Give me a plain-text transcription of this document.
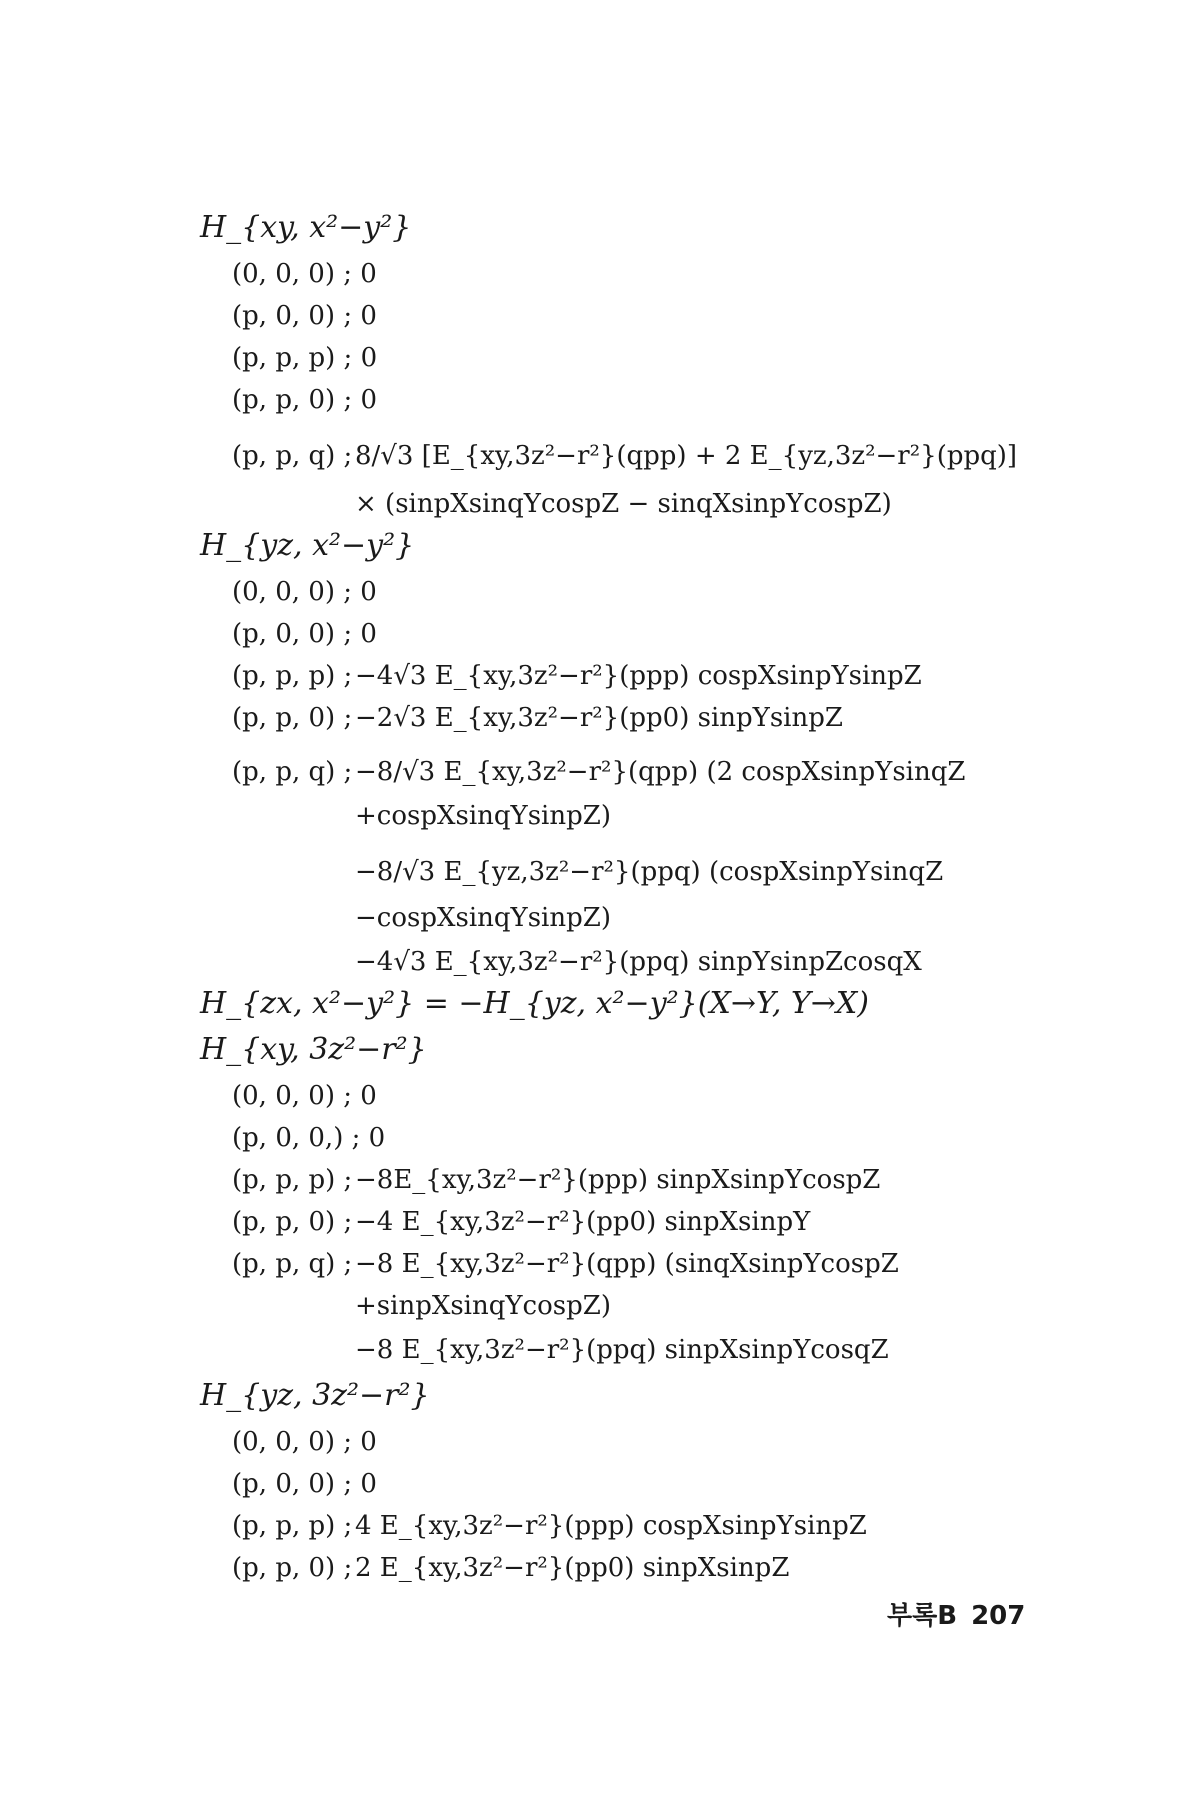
H_{xy, x²−y²}
(0, 0, 0) ; 0
(p, 0, 0) ; 0
(p, p, p) ; 0
(p, p, 0) ; 0
(p, p, q) ; 8/√3 [E_{xy,3z²−r²}(qpp) + 2 E_{yz,3z²−r²}(ppq)]
× (sinpXsinqYcospZ − sinqXsinpYcospZ)
H_{yz, x²−y²}
(0, 0, 0) ; 0
(p, 0, 0) ; 0
(p, p, p) ; −4√3 E_{xy,3z²−r²}(ppp) cospXsinpYsinpZ
(p, p, 0) ; −2√3 E_{xy,3z²−r²}(pp0) sinpYsinpZ
(p, p, q) ; −8/√3 E_{xy,3z²−r²}(qpp) (2 cospXsinpYsinqZ
+cospXsinqYsinpZ)
−8/√3 E_{yz,3z²−r²}(ppq) (cospXsinpYsinqZ
−cospXsinqYsinpZ)
−4√3 E_{xy,3z²−r²}(ppq) sinpYsinpZcosqX
H_{zx, x²−y²} = −H_{yz, x²−y²}(X→Y, Y→X)
H_{xy, 3z²−r²}
(0, 0, 0) ; 0
(p, 0, 0,) ; 0
(p, p, p) ; −8E_{xy,3z²−r²}(ppp) sinpXsinpYcospZ
(p, p, 0) ; −4 E_{xy,3z²−r²}(pp0) sinpXsinpY
(p, p, q) ; −8 E_{xy,3z²−r²}(qpp) (sinqXsinpYcospZ
+sinpXsinqYcospZ)
−8 E_{xy,3z²−r²}(ppq) sinpXsinpYcosqZ
H_{yz, 3z²−r²}
(0, 0, 0) ; 0
(p, 0, 0) ; 0
(p, p, p) ; 4 E_{xy,3z²−r²}(ppp) cospXsinpYsinpZ
(p, p, 0) ; 2 E_{xy,3z²−r²}(pp0) sinpXsinpZ
부록B 207
